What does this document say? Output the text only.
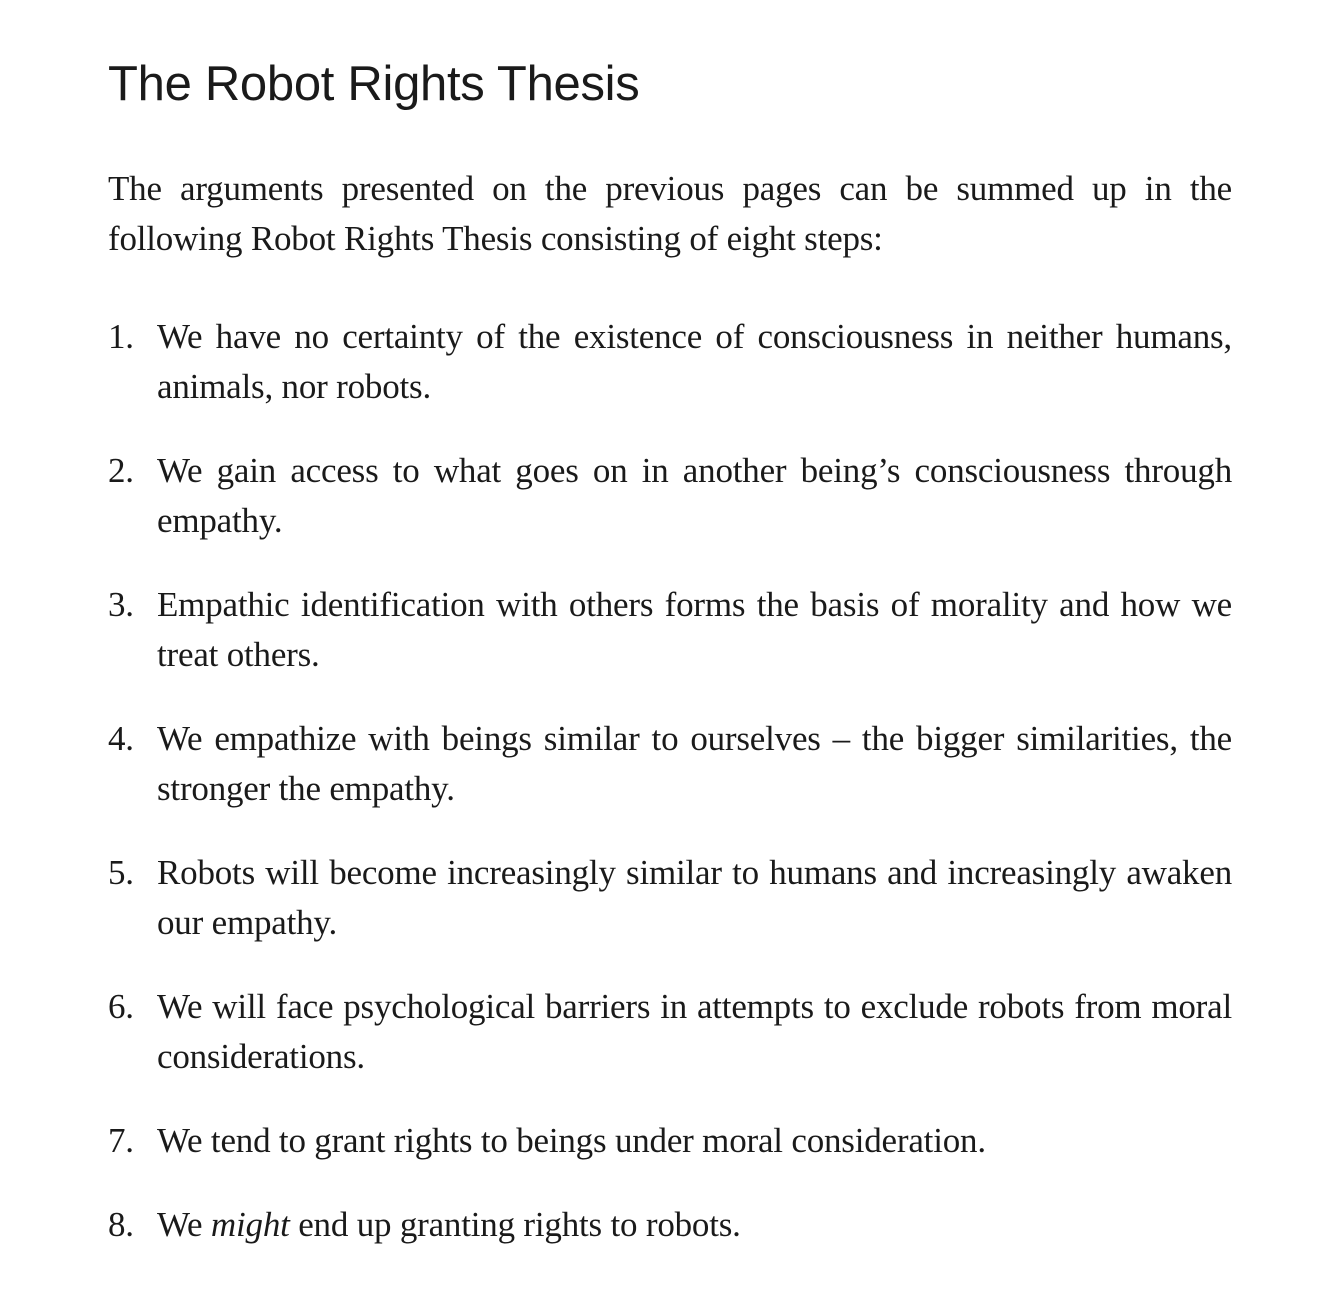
The Robot Rights Thesis

The arguments presented on the previous pages can be summed up in the following Robot Rights Thesis consisting of eight steps:

1. We have no certainty of the existence of consciousness in neither humans, animals, nor robots.
2. We gain access to what goes on in another being’s consciousness through empathy.
3. Empathic identification with others forms the basis of morality and how we treat others.
4. We empathize with beings similar to ourselves – the bigger similarities, the stronger the empathy.
5. Robots will become increasingly similar to humans and increasingly awaken our empathy.
6. We will face psychological barriers in attempts to exclude robots from moral considerations.
7. We tend to grant rights to beings under moral consideration.
8. We might end up granting rights to robots.
